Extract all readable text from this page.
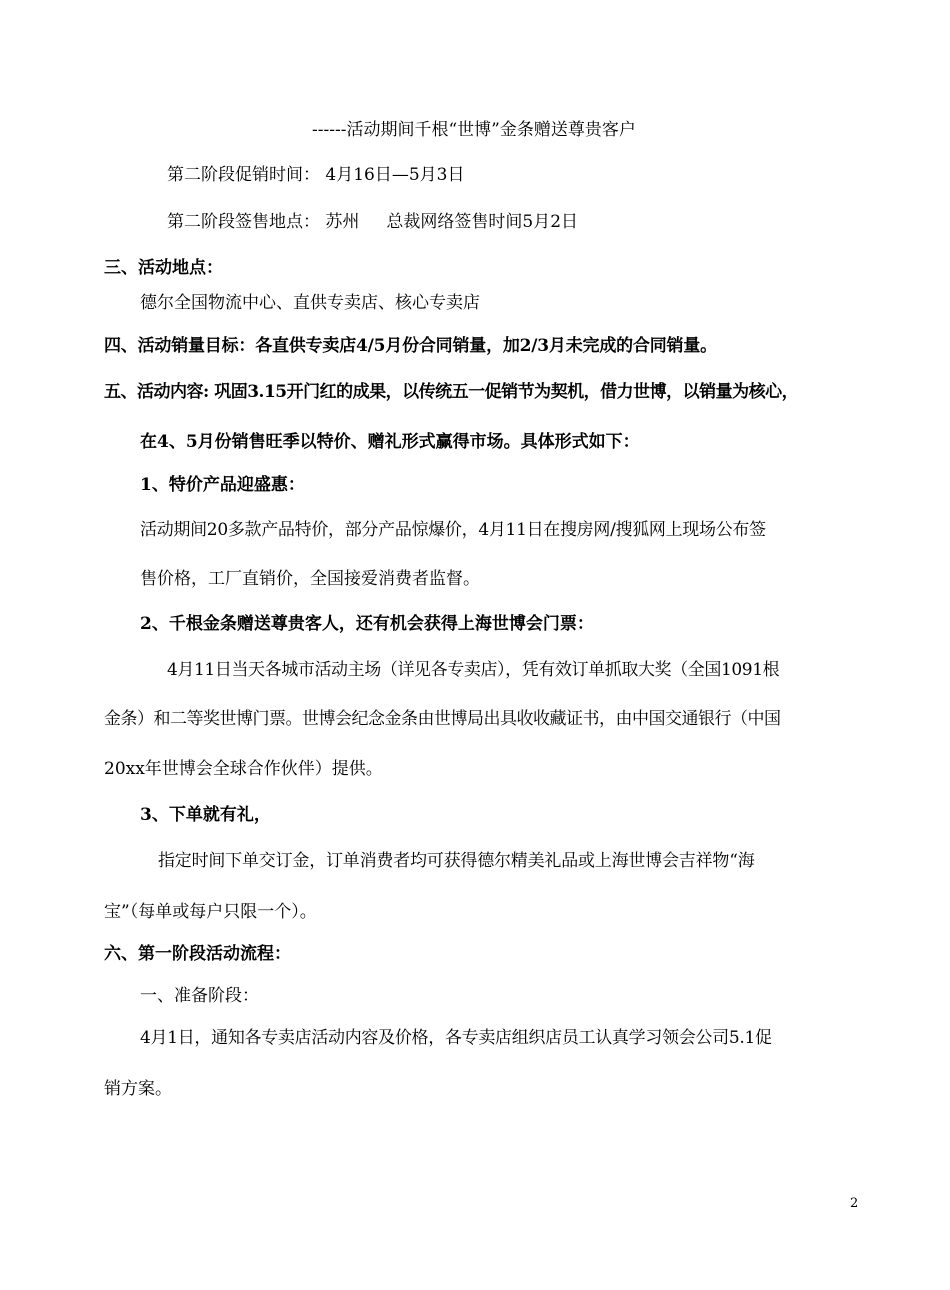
------活动期间千根“世博”金条赠送尊贵客户

第二阶段促销时间： 4月16日—5月3日

第二阶段签售地点： 苏州     总裁网络签售时间5月2日

三、活动地点：

德尔全国物流中心、直供专卖店、核心专卖店

四、活动销量目标：各直供专卖店4/5月份合同销量，加2/3月未完成的合同销量。

五、活动内容: 巩固3.15开门红的成果，以传统五一促销节为契机，借力世博，以销量为核心，

在4、5月份销售旺季以特价、赠礼形式赢得市场。具体形式如下：

1、特价产品迎盛惠：

活动期间20多款产品特价，部分产品惊爆价，4月11日在搜房网/搜狐网上现场公布签

售价格，工厂直销价，全国接爱消费者监督。

2、千根金条赠送尊贵客人，还有机会获得上海世博会门票：

4月11日当天各城市活动主场（详见各专卖店），凭有效订单抓取大奖（全国1091根

金条）和二等奖世博门票。世博会纪念金条由世博局出具收收藏证书，由中国交通银行（中国

20xx年世博会全球合作伙伴）提供。

3、下单就有礼，

指定时间下单交订金，订单消费者均可获得德尔精美礼品或上海世博会吉祥物“海

宝”（每单或每户只限一个）。

六、第一阶段活动流程：

一、准备阶段：

4月1日，通知各专卖店活动内容及价格，各专卖店组织店员工认真学习领会公司5.1促

销方案。

2
